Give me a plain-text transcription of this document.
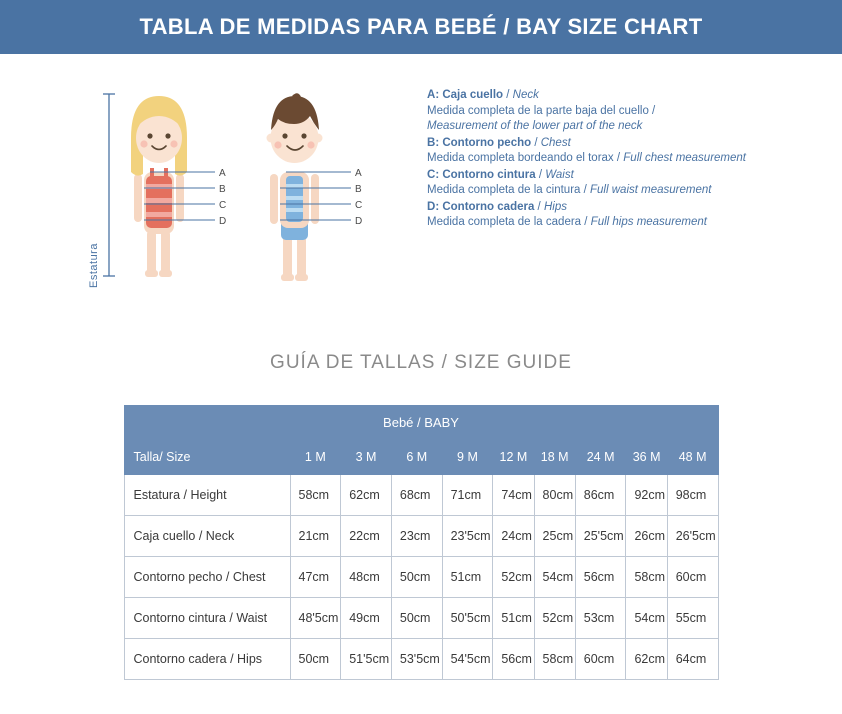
TABLA DE MEDIDAS PARA BEBÉ / BAY SIZE CHART
Estatura
A
B
C
D
A
B
C
D

A: Caja cuello / Neck

Medida completa de la parte baja del cuello /
Measurement of the lower part of the neck

B: Contorno pecho / Chest

Medida completa bordeando el torax / Full chest measurement

C: Contorno cintura / Waist

Medida completa de la cintura / Full waist measurement

D: Contorno cadera / Hips

Medida completa de la cadera / Full hips measurement

GUÍA DE TALLAS / SIZE GUIDE
Bebé / BABY									
Talla/ Size	1 M	3 M	6 M	9 M	12 M	18 M	24 M	36 M	48 M
Estatura / Height	58cm	62cm	68cm	71cm	74cm	80cm	86cm	92cm	98cm
Caja cuello / Neck	21cm	22cm	23cm	23'5cm	24cm	25cm	25'5cm	26cm	26'5cm
Contorno pecho / Chest	47cm	48cm	50cm	51cm	52cm	54cm	56cm	58cm	60cm
Contorno cintura / Waist	48'5cm	49cm	50cm	50'5cm	51cm	52cm	53cm	54cm	55cm
Contorno cadera / Hips	50cm	51'5cm	53'5cm	54'5cm	56cm	58cm	60cm	62cm	64cm
